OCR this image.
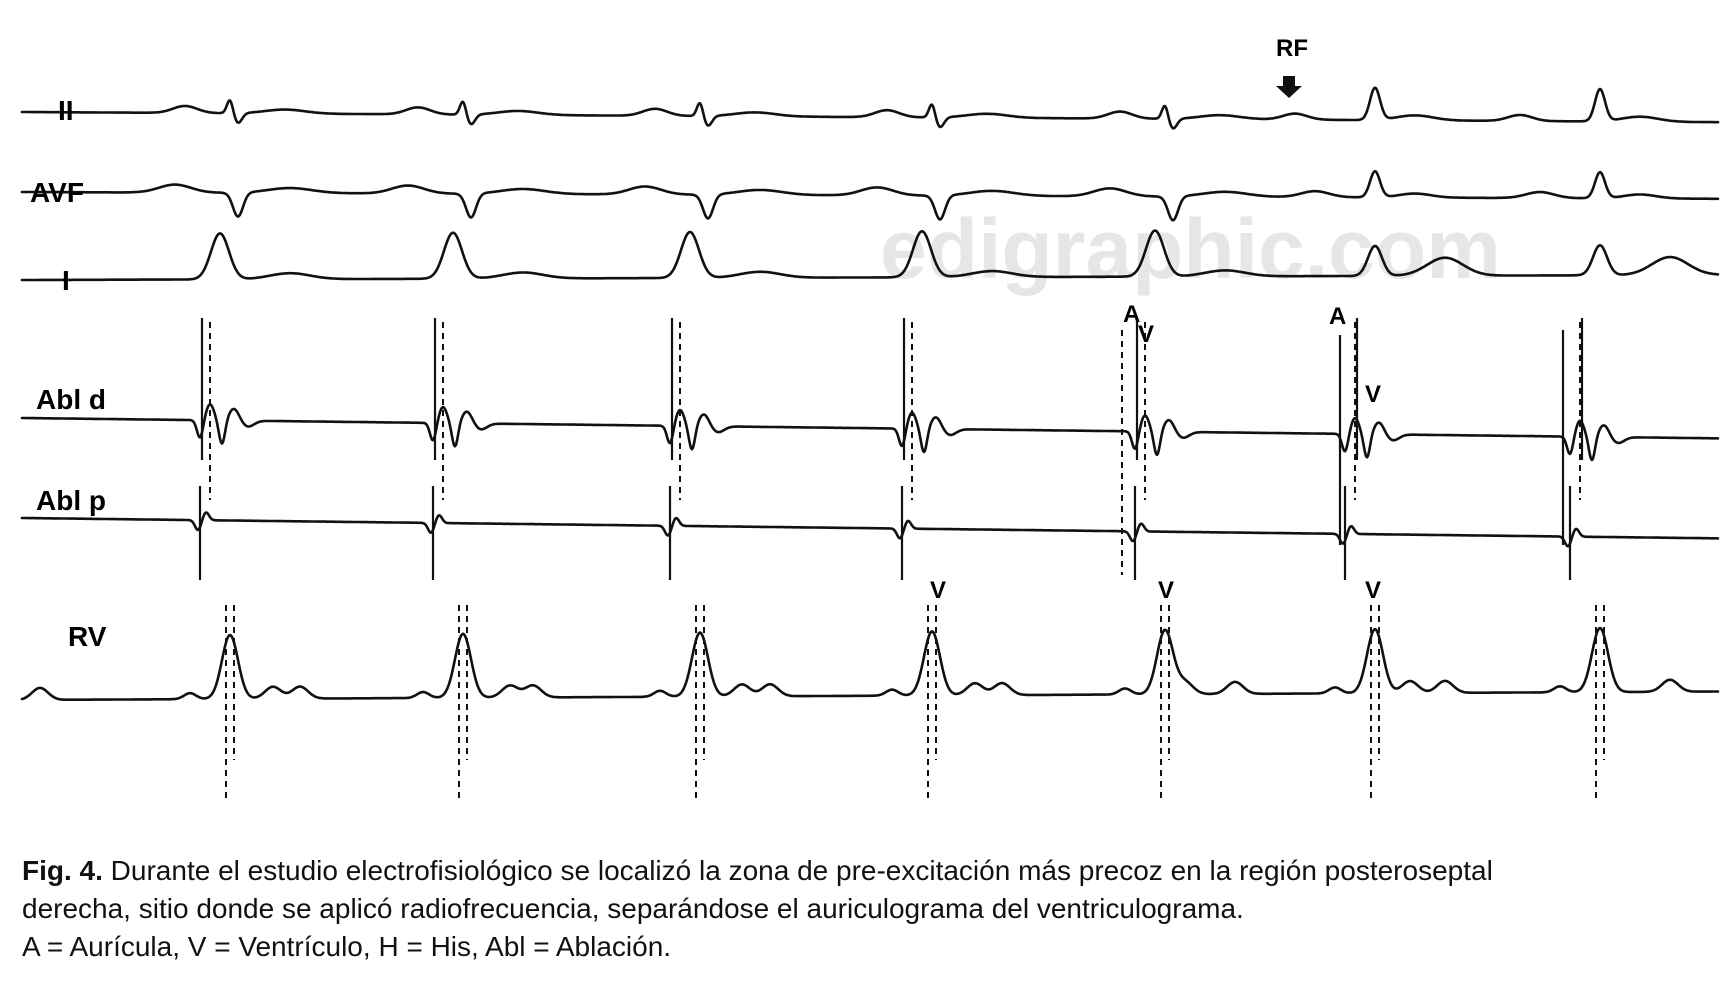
edigraphic.com
II
AVF
I
Abl d
Abl p
RV
RF
A
V
A
V
V	V	V

Fig. 4. Durante el estudio electrofisiológico se localizó la zona de pre-excitación más precoz en la región posteroseptal

derecha, sitio donde se aplicó radiofrecuencia, separándose el auriculograma del ventriculograma.

A = Aurícula, V = Ventrículo, H = His, Abl = Ablación.
